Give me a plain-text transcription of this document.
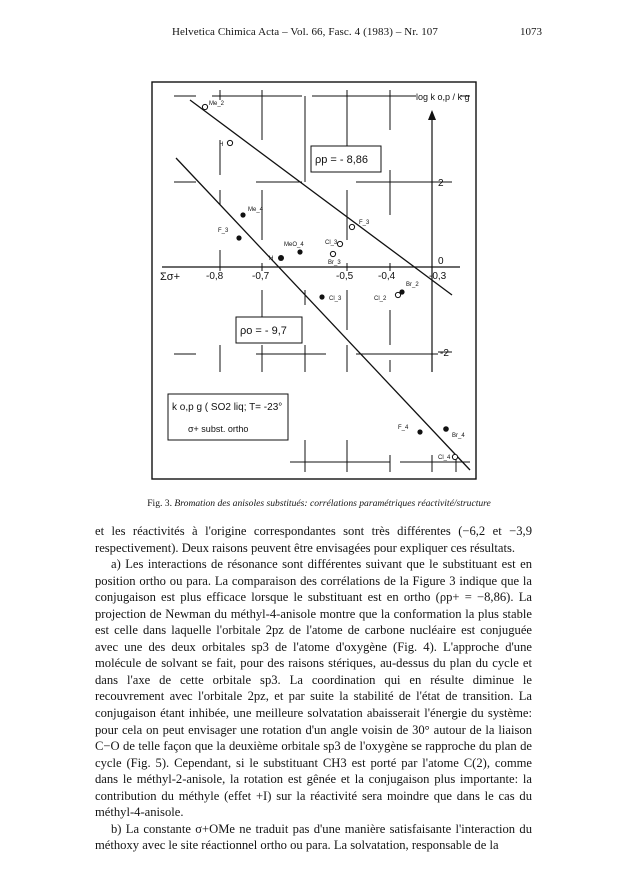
Helvetica Chimica Acta – Vol. 66, Fasc. 4 (1983) – Nr. 107	1073
Σσ+	-0,8	-0,7	-0,5 -0,4	-0,3
2
0
-2
log k o,p / k g
ρp = - 8,86
ρo = - 9,7
k o,p g ( SO2 liq; T= -23°
σ+ subst. ortho
Me_2
H
Me_4
F_3
F_3
MeO_4
H
Cl_3
Br_3
Br_2
Cl_3	Cl_2
F_4
Br_4
Cl_4
Fig. 3. Bromation des anisoles substitués: corrélations paramétriques réactivité/structure

et les réactivités à l'origine correspondantes sont très différentes (−6,2 et −3,9 respectivement). Deux raisons peuvent être envisagées pour expliquer ces résultats.

a) Les interactions de résonance sont différentes suivant que le substituant est en position ortho ou para. La comparaison des corrélations de la Figure 3 indique que la conjugaison est plus efficace lorsque le substituant est en ortho (ρp+ = −8,86). La projection de Newman du méthyl-4-anisole montre que la conformation la plus stable est celle dans laquelle l'orbitale 2pz de l'atome de carbone nucléaire est conjuguée avec une des deux orbitales sp3 de l'atome d'oxygène (Fig. 4). L'approche d'une molécule de solvant se fait, pour des raisons stériques, au-dessus du plan du cycle et dans l'axe de cette orbitale sp3. La coordination qui en résulte diminue le recouvrement avec l'orbitale 2pz, et par suite la stabilité de l'état de transition. La conjugaison étant inhibée, une meilleure solvatation abaisserait l'énergie du système: pour cela on peut envisager une rotation d'un angle voisin de 30° autour de la liaison C−O de telle façon que la deuxième orbitale sp3 de l'oxygène se rapproche du plan de cycle (Fig. 5). Cependant, si le substituant CH3 est porté par l'atome C(2), comme dans le méthyl-2-anisole, la rotation est gênée et la conjugaison plus importante: la contribution du méthyle (effet +I) sur la réactivité sera moindre que dans le cas du méthyl-4-anisole.

b) La constante σ+OMe ne traduit pas d'une manière satisfaisante l'interaction du méthoxy avec le site réactionnel ortho ou para. La solvatation, responsable de la
